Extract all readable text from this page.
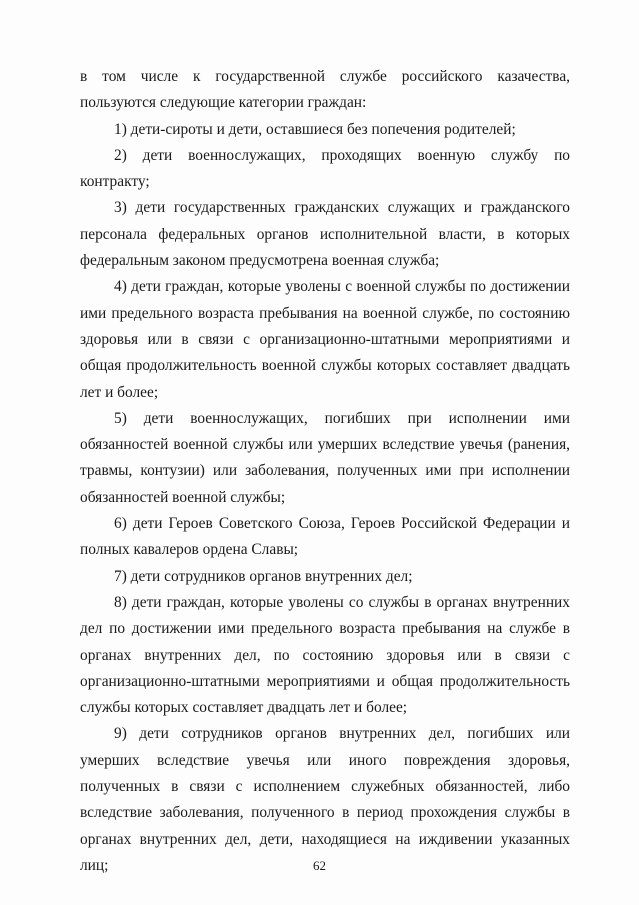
в том числе к государственной службе российского казачества, пользуются следующие категории граждан:

1) дети-сироты и дети, оставшиеся без попечения родителей;

2) дети военнослужащих, проходящих военную службу по контракту;

3) дети государственных гражданских служащих и гражданского персонала федеральных органов исполнительной власти, в которых федеральным законом предусмотрена военная служба;

4) дети граждан, которые уволены с военной службы по достижении ими предельного возраста пребывания на военной службе, по состоянию здоровья или в связи с организационно-штатными мероприятиями и общая продолжительность военной службы которых составляет двадцать лет и более;

5) дети военнослужащих, погибших при исполнении ими обязанностей военной службы или умерших вследствие увечья (ранения, травмы, контузии) или заболевания, полученных ими при исполнении обязанностей военной службы;

6) дети Героев Советского Союза, Героев Российской Федерации и полных кавалеров ордена Славы;

7) дети сотрудников органов внутренних дел;

8) дети граждан, которые уволены со службы в органах внутренних дел по достижении ими предельного возраста пребывания на службе в органах внутренних дел, по состоянию здоровья или в связи с организационно-штатными мероприятиями и общая продолжительность службы которых составляет двадцать лет и более;

9) дети сотрудников органов внутренних дел, погибших или умерших вследствие увечья или иного повреждения здоровья, полученных в связи с исполнением служебных обязанностей, либо вследствие заболевания, полученного в период прохождения службы в органах внутренних дел, дети, находящиеся на иждивении указанных лиц;	62
